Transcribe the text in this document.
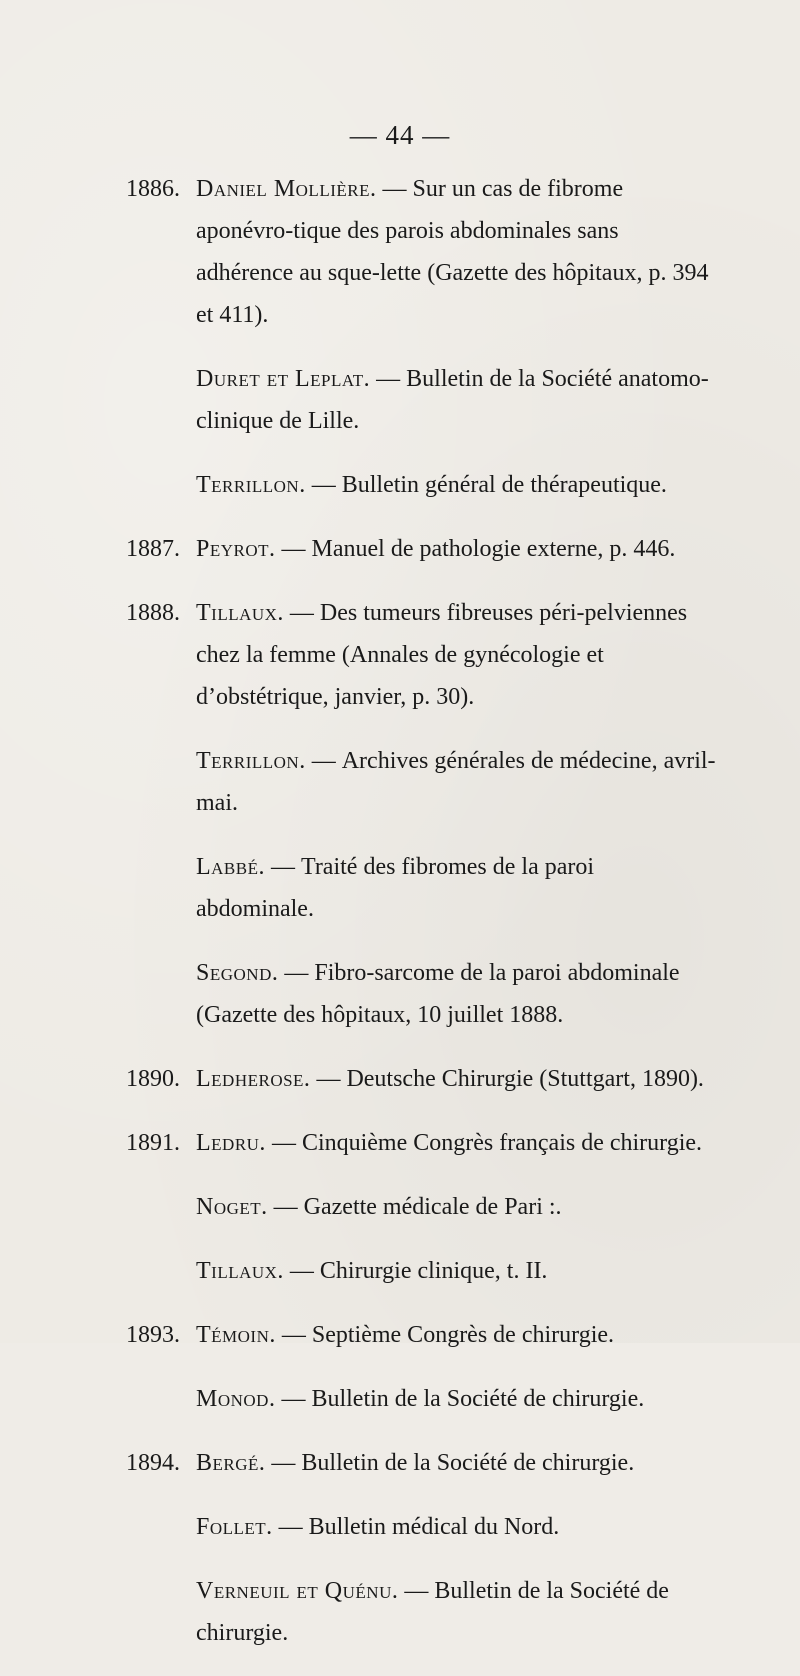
— 44 —
1886. Daniel Mollière. — Sur un cas de fibrome aponévro-tique des parois abdominales sans adhérence au sque-lette (Gazette des hôpitaux, p. 394 et 411).
Duret et Leplat. — Bulletin de la Société anatomo-clinique de Lille.
Terrillon. — Bulletin général de thérapeutique.
1887. Peyrot. — Manuel de pathologie externe, p. 446.
1888. Tillaux. — Des tumeurs fibreuses péri-pelviennes chez la femme (Annales de gynécologie et d’obstétrique, janvier, p. 30).
Terrillon. — Archives générales de médecine, avril-mai.
Labbé. — Traité des fibromes de la paroi abdominale.
Segond. — Fibro-sarcome de la paroi abdominale (Gazette des hôpitaux, 10 juillet 1888.
1890. Ledherose. — Deutsche Chirurgie (Stuttgart, 1890).
1891. Ledru. — Cinquième Congrès français de chirurgie.
Noget. — Gazette médicale de Pari :.
Tillaux. — Chirurgie clinique, t. II.
1893. Témoin. — Septième Congrès de chirurgie.
Monod. — Bulletin de la Société de chirurgie.
1894. Bergé. — Bulletin de la Société de chirurgie.
Follet. — Bulletin médical du Nord.
Verneuil et Quénu. — Bulletin de la Société de chirurgie.
